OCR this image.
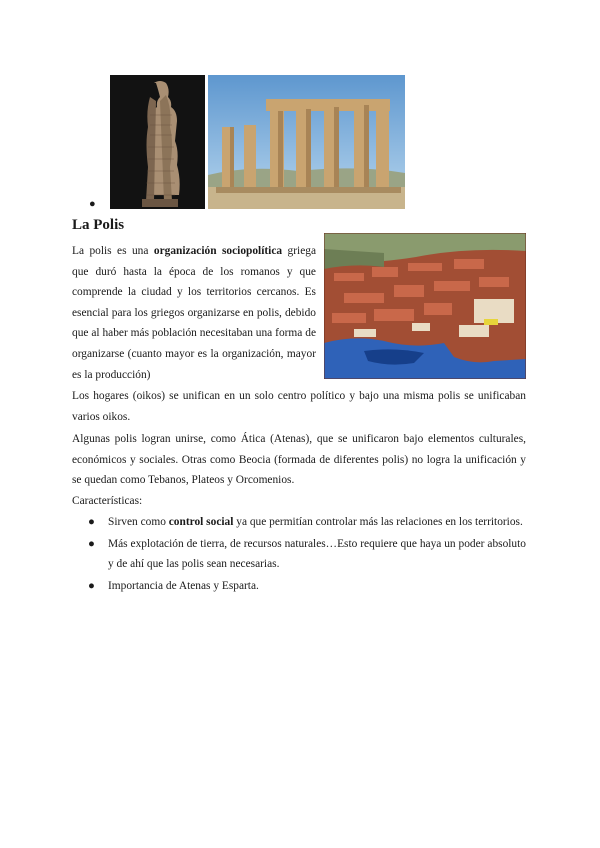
●
La Polis

La polis es una organización sociopolítica griega que duró hasta la época de los romanos y que comprende la ciudad y los territorios cercanos. Es esencial para los griegos organizarse en polis, debido que al haber más población necesitaban una forma de organizarse (cuanto mayor es la organización, mayor es la producción)

Los hogares (oikos) se unifican en un solo centro político y bajo una misma polis se unificaban varios oikos.

Algunas polis logran unirse, como Ática (Atenas), que se unificaron bajo elementos culturales, económicos y sociales. Otras como Beocia (formada de diferentes polis) no logra la unificación y se quedan como Tebanos, Plateos y Orcomenios.

Características:

● Sirven como control social ya que permitían controlar más las relaciones en los territorios.
● Más explotación de tierra, de recursos naturales…Esto requiere que haya un poder absoluto y de ahí que las polis sean necesarias.
● Importancia de Atenas y Esparta.
